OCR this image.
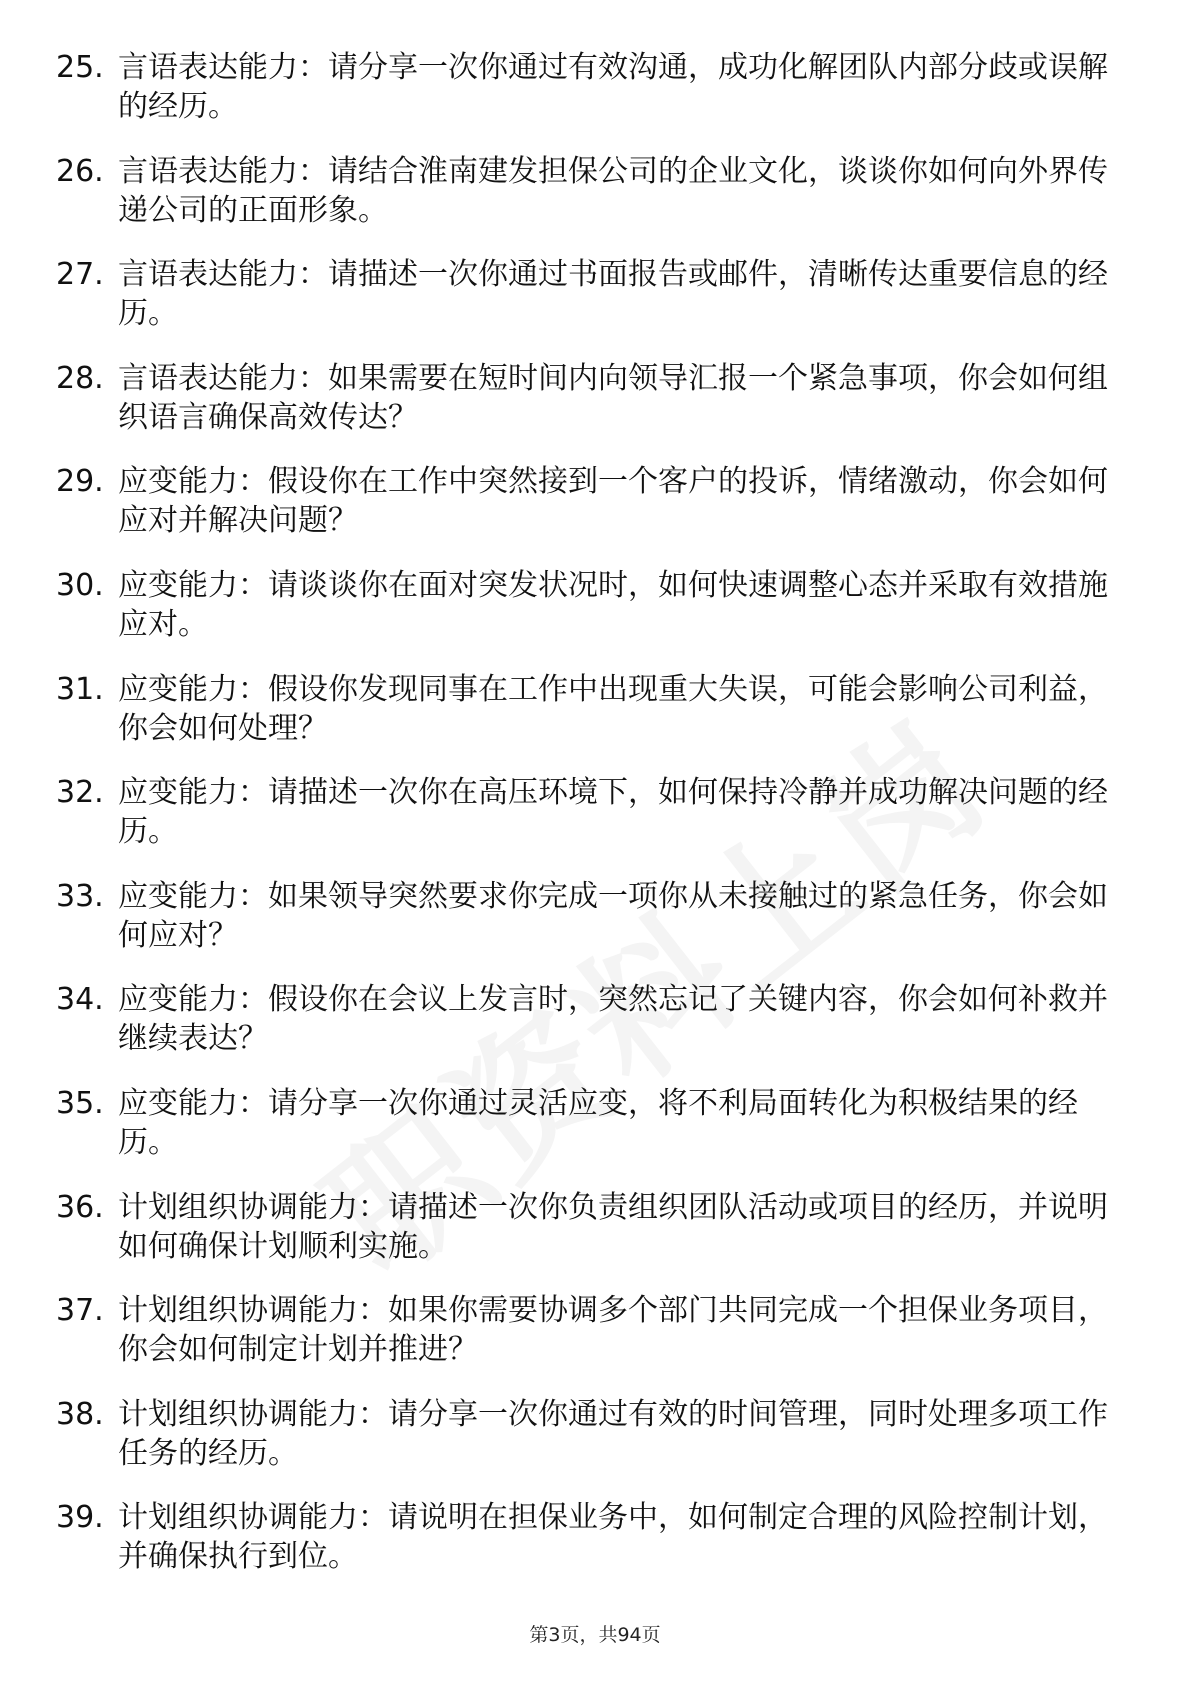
25. 言语表达能力：请分享一次你通过有效沟通，成功化解团队内部分歧或误解的经历。
26. 言语表达能力：请结合淮南建发担保公司的企业文化，谈谈你如何向外界传递公司的正面形象。
27. 言语表达能力：请描述一次你通过书面报告或邮件，清晰传达重要信息的经历。
28. 言语表达能力：如果需要在短时间内向领导汇报一个紧急事项，你会如何组织语言确保高效传达？
29. 应变能力：假设你在工作中突然接到一个客户的投诉，情绪激动，你会如何应对并解决问题？
30. 应变能力：请谈谈你在面对突发状况时，如何快速调整心态并采取有效措施应对。
31. 应变能力：假设你发现同事在工作中出现重大失误，可能会影响公司利益，你会如何处理？
32. 应变能力：请描述一次你在高压环境下，如何保持冷静并成功解决问题的经历。
33. 应变能力：如果领导突然要求你完成一项你从未接触过的紧急任务，你会如何应对？
34. 应变能力：假设你在会议上发言时，突然忘记了关键内容，你会如何补救并继续表达？
35. 应变能力：请分享一次你通过灵活应变，将不利局面转化为积极结果的经历。
36. 计划组织协调能力：请描述一次你负责组织团队活动或项目的经历，并说明如何确保计划顺利实施。
37. 计划组织协调能力：如果你需要协调多个部门共同完成一个担保业务项目，你会如何制定计划并推进？
38. 计划组织协调能力：请分享一次你通过有效的时间管理，同时处理多项工作任务的经历。
39. 计划组织协调能力：请说明在担保业务中，如何制定合理的风险控制计划，并确保执行到位。
第3页，共94页
